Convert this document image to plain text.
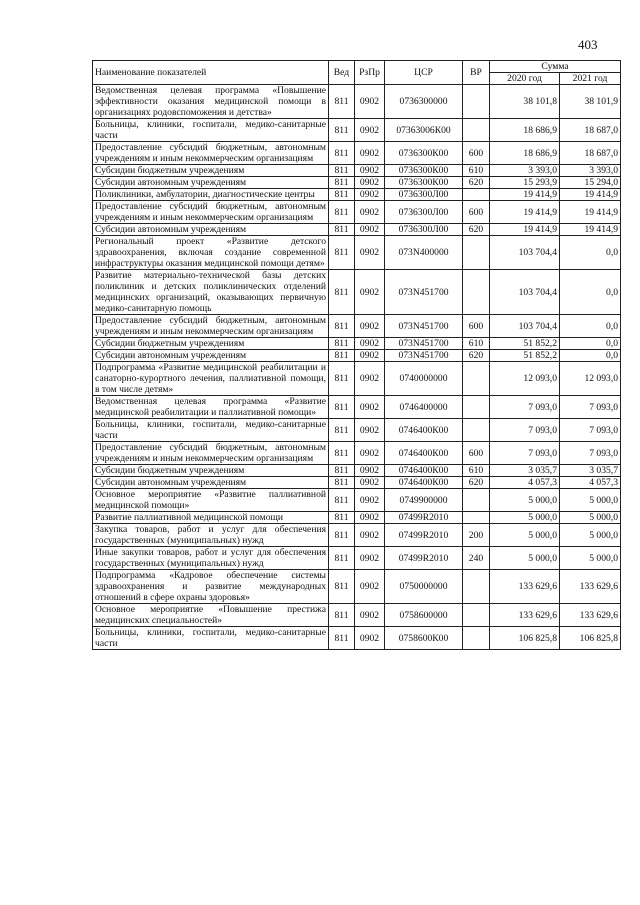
403
Наименование показателей	Вед	РзПр	ЦСР	ВР	Сумма	
					2020 год	2021 год
Ведомственная целевая программа «Повышение эффективности оказания медицинской помощи в организациях родовспоможения и детства»	811	0902	0736300000		38 101,8	38 101,9
Больницы, клиники, госпитали, медико-санитарные части	811	0902	07363006К00		18 686,9	18 687,0
Предоставление субсидий бюджетным, автономным учреждениям и иным некоммерческим организациям	811	0902	0736300К00	600	18 686,9	18 687,0
Субсидии бюджетным учреждениям	811	0902	0736300К00	610	3 393,0	3 393,0
Субсидии автономным учреждениям	811	0902	0736300К00	620	15 293,9	15 294,0
Поликлиники, амбулатории, диагностические центры	811	0902	0736300Л00		19 414,9	19 414,9
Предоставление субсидий бюджетным, автономным учреждениям и иным некоммерческим организациям	811	0902	0736300Л00	600	19 414,9	19 414,9
Субсидии автономным учреждениям	811	0902	0736300Л00	620	19 414,9	19 414,9
Региональный проект «Развитие детского здравоохранения, включая создание современной инфраструктуры оказания медицинской помощи детям»	811	0902	073N400000		103 704,4	0,0
Развитие материально-технической базы детских поликлиник и детских поликлинических отделений медицинских организаций, оказывающих первичную медико-санитарную помощь	811	0902	073N451700		103 704,4	0,0
Предоставление субсидий бюджетным, автономным учреждениям и иным некоммерческим организациям	811	0902	073N451700	600	103 704,4	0,0
Субсидии бюджетным учреждениям	811	0902	073N451700	610	51 852,2	0,0
Субсидии автономным учреждениям	811	0902	073N451700	620	51 852,2	0,0
Подпрограмма «Развитие медицинской реабилитации и санаторно-курортного лечения, паллиативной помощи, в том числе детям»	811	0902	0740000000		12 093,0	12 093,0
Ведомственная целевая программа «Развитие медицинской реабилитации и паллиативной помощи»	811	0902	0746400000		7 093,0	7 093,0
Больницы, клиники, госпитали, медико-санитарные части	811	0902	0746400К00		7 093,0	7 093,0
Предоставление субсидий бюджетным, автономным учреждениям и иным некоммерческим организациям	811	0902	0746400К00	600	7 093,0	7 093,0
Субсидии бюджетным учреждениям	811	0902	0746400К00	610	3 035,7	3 035,7
Субсидии автономным учреждениям	811	0902	0746400К00	620	4 057,3	4 057,3
Основное мероприятие «Развитие паллиативной медицинской помощи»	811	0902	0749900000		5 000,0	5 000,0
Развитие паллиативной медицинской помощи	811	0902	07499R2010		5 000,0	5 000,0
Закупка товаров, работ и услуг для обеспечения государственных (муниципальных) нужд	811	0902	07499R2010	200	5 000,0	5 000,0
Иные закупки товаров, работ и услуг для обеспечения государственных (муниципальных) нужд	811	0902	07499R2010	240	5 000,0	5 000,0
Подпрограмма «Кадровое обеспечение системы здравоохранения и развитие международных отношений в сфере охраны здоровья»	811	0902	0750000000		133 629,6	133 629,6
Основное мероприятие «Повышение престижа медицинских специальностей»	811	0902	0758600000		133 629,6	133 629,6
Больницы, клиники, госпитали, медико-санитарные части	811	0902	0758600К00		106 825,8	106 825,8
